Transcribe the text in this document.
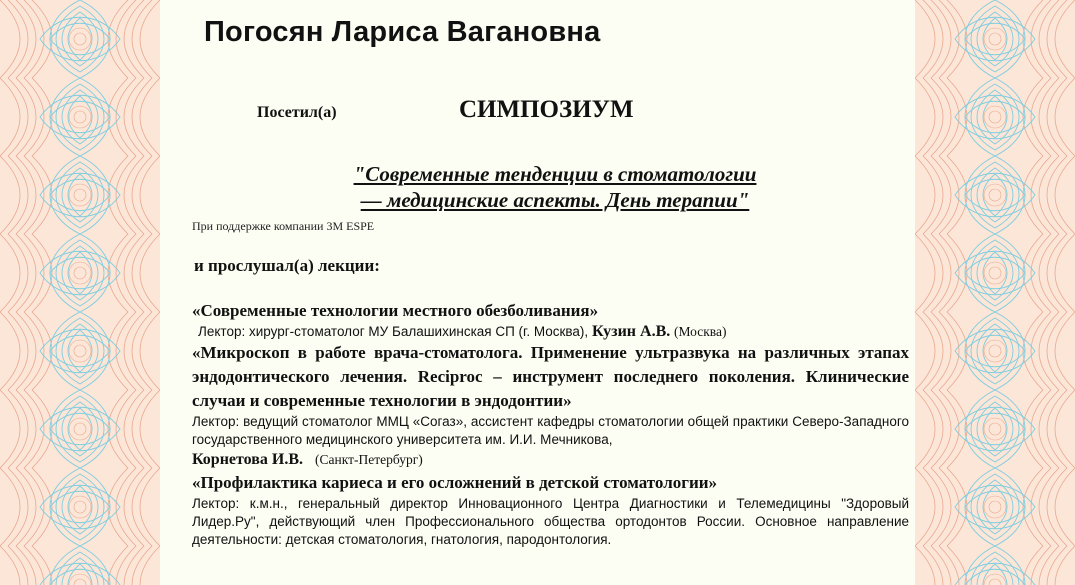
Погосян Лариса Вагановна
Посетил(а)	СИМПОЗИУМ
"Современные тенденции в стоматологии
— медицинские аспекты. День терапии"
При поддержке компании 3M ESPE
и прослушал(а) лекции:
«Современные технологии местного обезболивания»
Лектор: хирург-стоматолог МУ Балашихинская СП (г. Москва), Кузин А.В. (Москва)
«Микроскоп в работе врача-стоматолога. Применение ультразвука на различных этапах эндодонтического лечения. Reciproc – инструмент последнего поколения. Клинические случаи и современные технологии в эндодонтии»
Лектор: ведущий стоматолог ММЦ «Согаз», ассистент кафедры стоматологии общей практики Северо-Западного государственного медицинского университета им. И.И. Мечникова,
Корнетова И.В. (Санкт-Петербург)
«Профилактика кариеса и его осложнений в детской стоматологии»
Лектор: к.м.н., генеральный директор Инновационного Центра Диагностики и Телемедицины "Здоровый Лидер.Ру", действующий член Профессионального общества ортодонтов России. Основное направление деятельности: детская стоматология, гнатология, пародонтология.
